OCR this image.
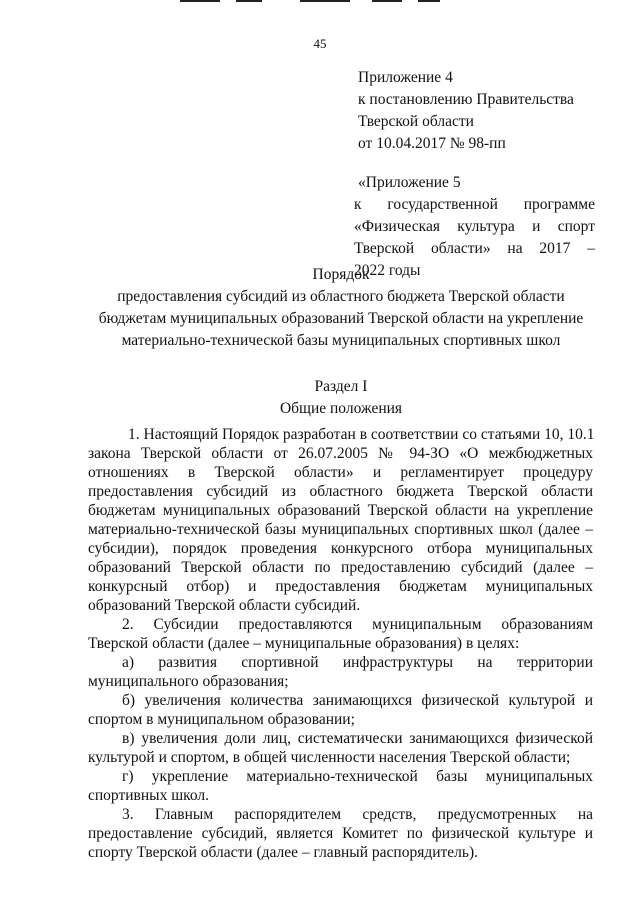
45
Приложение 4
к постановлению Правительства
Тверской области
от 10.04.2017 № 98-пп
«Приложение 5
к государственной программе
«Физическая культура и спорт
Тверской области» на 2017 –
2022 годы
Порядок
предоставления субсидий из областного бюджета Тверской области
бюджетам муниципальных образований Тверской области на укрепление
материально-технической базы муниципальных спортивных школ
Раздел I
Общие положения
1. Настоящий Порядок разработан в соответствии со статьями 10, 10.1
закона Тверской области от 26.07.2005 № 94-ЗО «О межбюджетных
отношениях в Тверской области» и регламентирует процедуру
предоставления субсидий из областного бюджета Тверской области
бюджетам муниципальных образований Тверской области на укрепление
материально-технической базы муниципальных спортивных школ (далее –
субсидии), порядок проведения конкурсного отбора муниципальных
образований Тверской области по предоставлению субсидий (далее –
конкурсный отбор) и предоставления бюджетам муниципальных
образований Тверской области субсидий.
2. Субсидии предоставляются муниципальным образованиям
Тверской области (далее – муниципальные образования) в целях:
а) развития спортивной инфраструктуры на территории
муниципального образования;
б) увеличения количества занимающихся физической культурой и
спортом в муниципальном образовании;
в) увеличения доли лиц, систематически занимающихся физической
культурой и спортом, в общей численности населения Тверской области;
г) укрепление материально-технической базы муниципальных
спортивных школ.
3. Главным распорядителем средств, предусмотренных на
предоставление субсидий, является Комитет по физической культуре и
спорту Тверской области (далее – главный распорядитель).
